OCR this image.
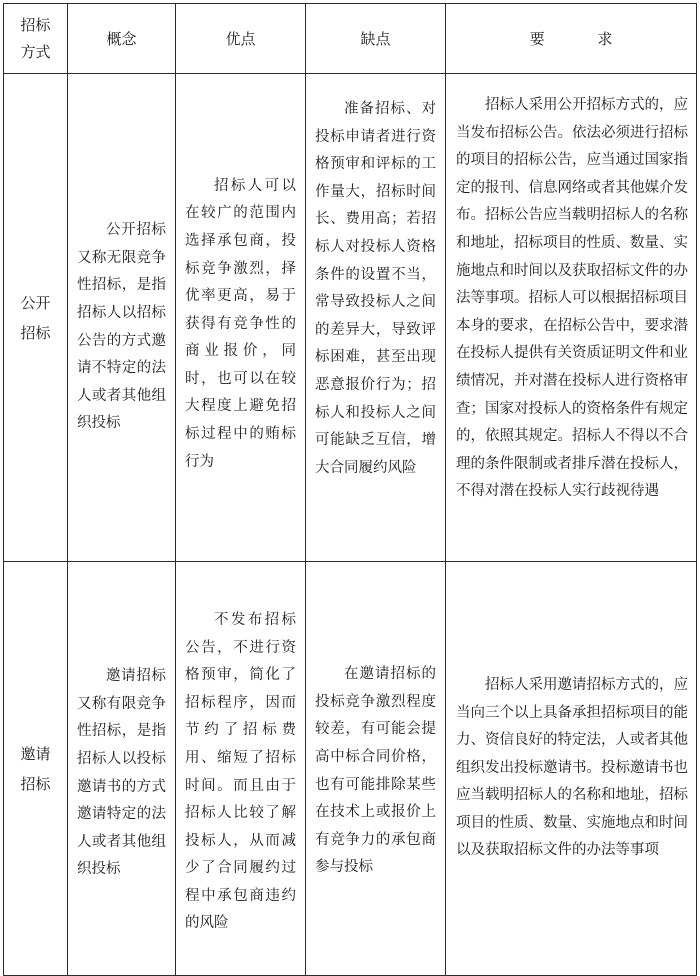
招标方式	概念	优点	缺点	要 求

公开招标	公开招标又称无限竞争性招标，是指招标人以招标公告的方式邀请不特定的法人或者其他组织投标	招标人可以在较广的范围内选择承包商，投标竞争激烈，择优率更高，易于获得有竞争性的商业报价，同时，也可以在较大程度上避免招标过程中的贿标行为	准备招标、对投标申请者进行资格预审和评标的工作量大，招标时间长、费用高；若招标人对投标人资格条件的设置不当，常导致投标人之间的差异大，导致评标困难，甚至出现恶意报价行为；招标人和投标人之间可能缺乏互信，增大合同履约风险	招标人采用公开招标方式的，应当发布招标公告。依法必须进行招标的项目的招标公告，应当通过国家指定的报刊、信息网络或者其他媒介发布。招标公告应当载明招标人的名称和地址，招标项目的性质、数量、实施地点和时间以及获取招标文件的办法等事项。招标人可以根据招标项目本身的要求，在招标公告中，要求潜在投标人提供有关资质证明文件和业绩情况，并对潜在投标人进行资格审查；国家对投标人的资格条件有规定的，依照其规定。招标人不得以不合理的条件限制或者排斥潜在投标人，不得对潜在投标人实行歧视待遇

邀请招标	邀请招标又称有限竞争性招标，是指招标人以投标邀请书的方式邀请特定的法人或者其他组织投标	不发布招标公告，不进行资格预审，简化了招标程序，因而节约了招标费用、缩短了招标时间。而且由于招标人比较了解投标人，从而减少了合同履约过程中承包商违约的风险	在邀请招标的投标竞争激烈程度较差，有可能会提高中标合同价格，也有可能排除某些在技术上或报价上有竞争力的承包商参与投标	招标人采用邀请招标方式的，应当向三个以上具备承担招标项目的能力、资信良好的特定法，人或者其他组织发出投标邀请书。投标邀请书也应当载明招标人的名称和地址，招标项目的性质、数量、实施地点和时间以及获取招标文件的办法等事项
